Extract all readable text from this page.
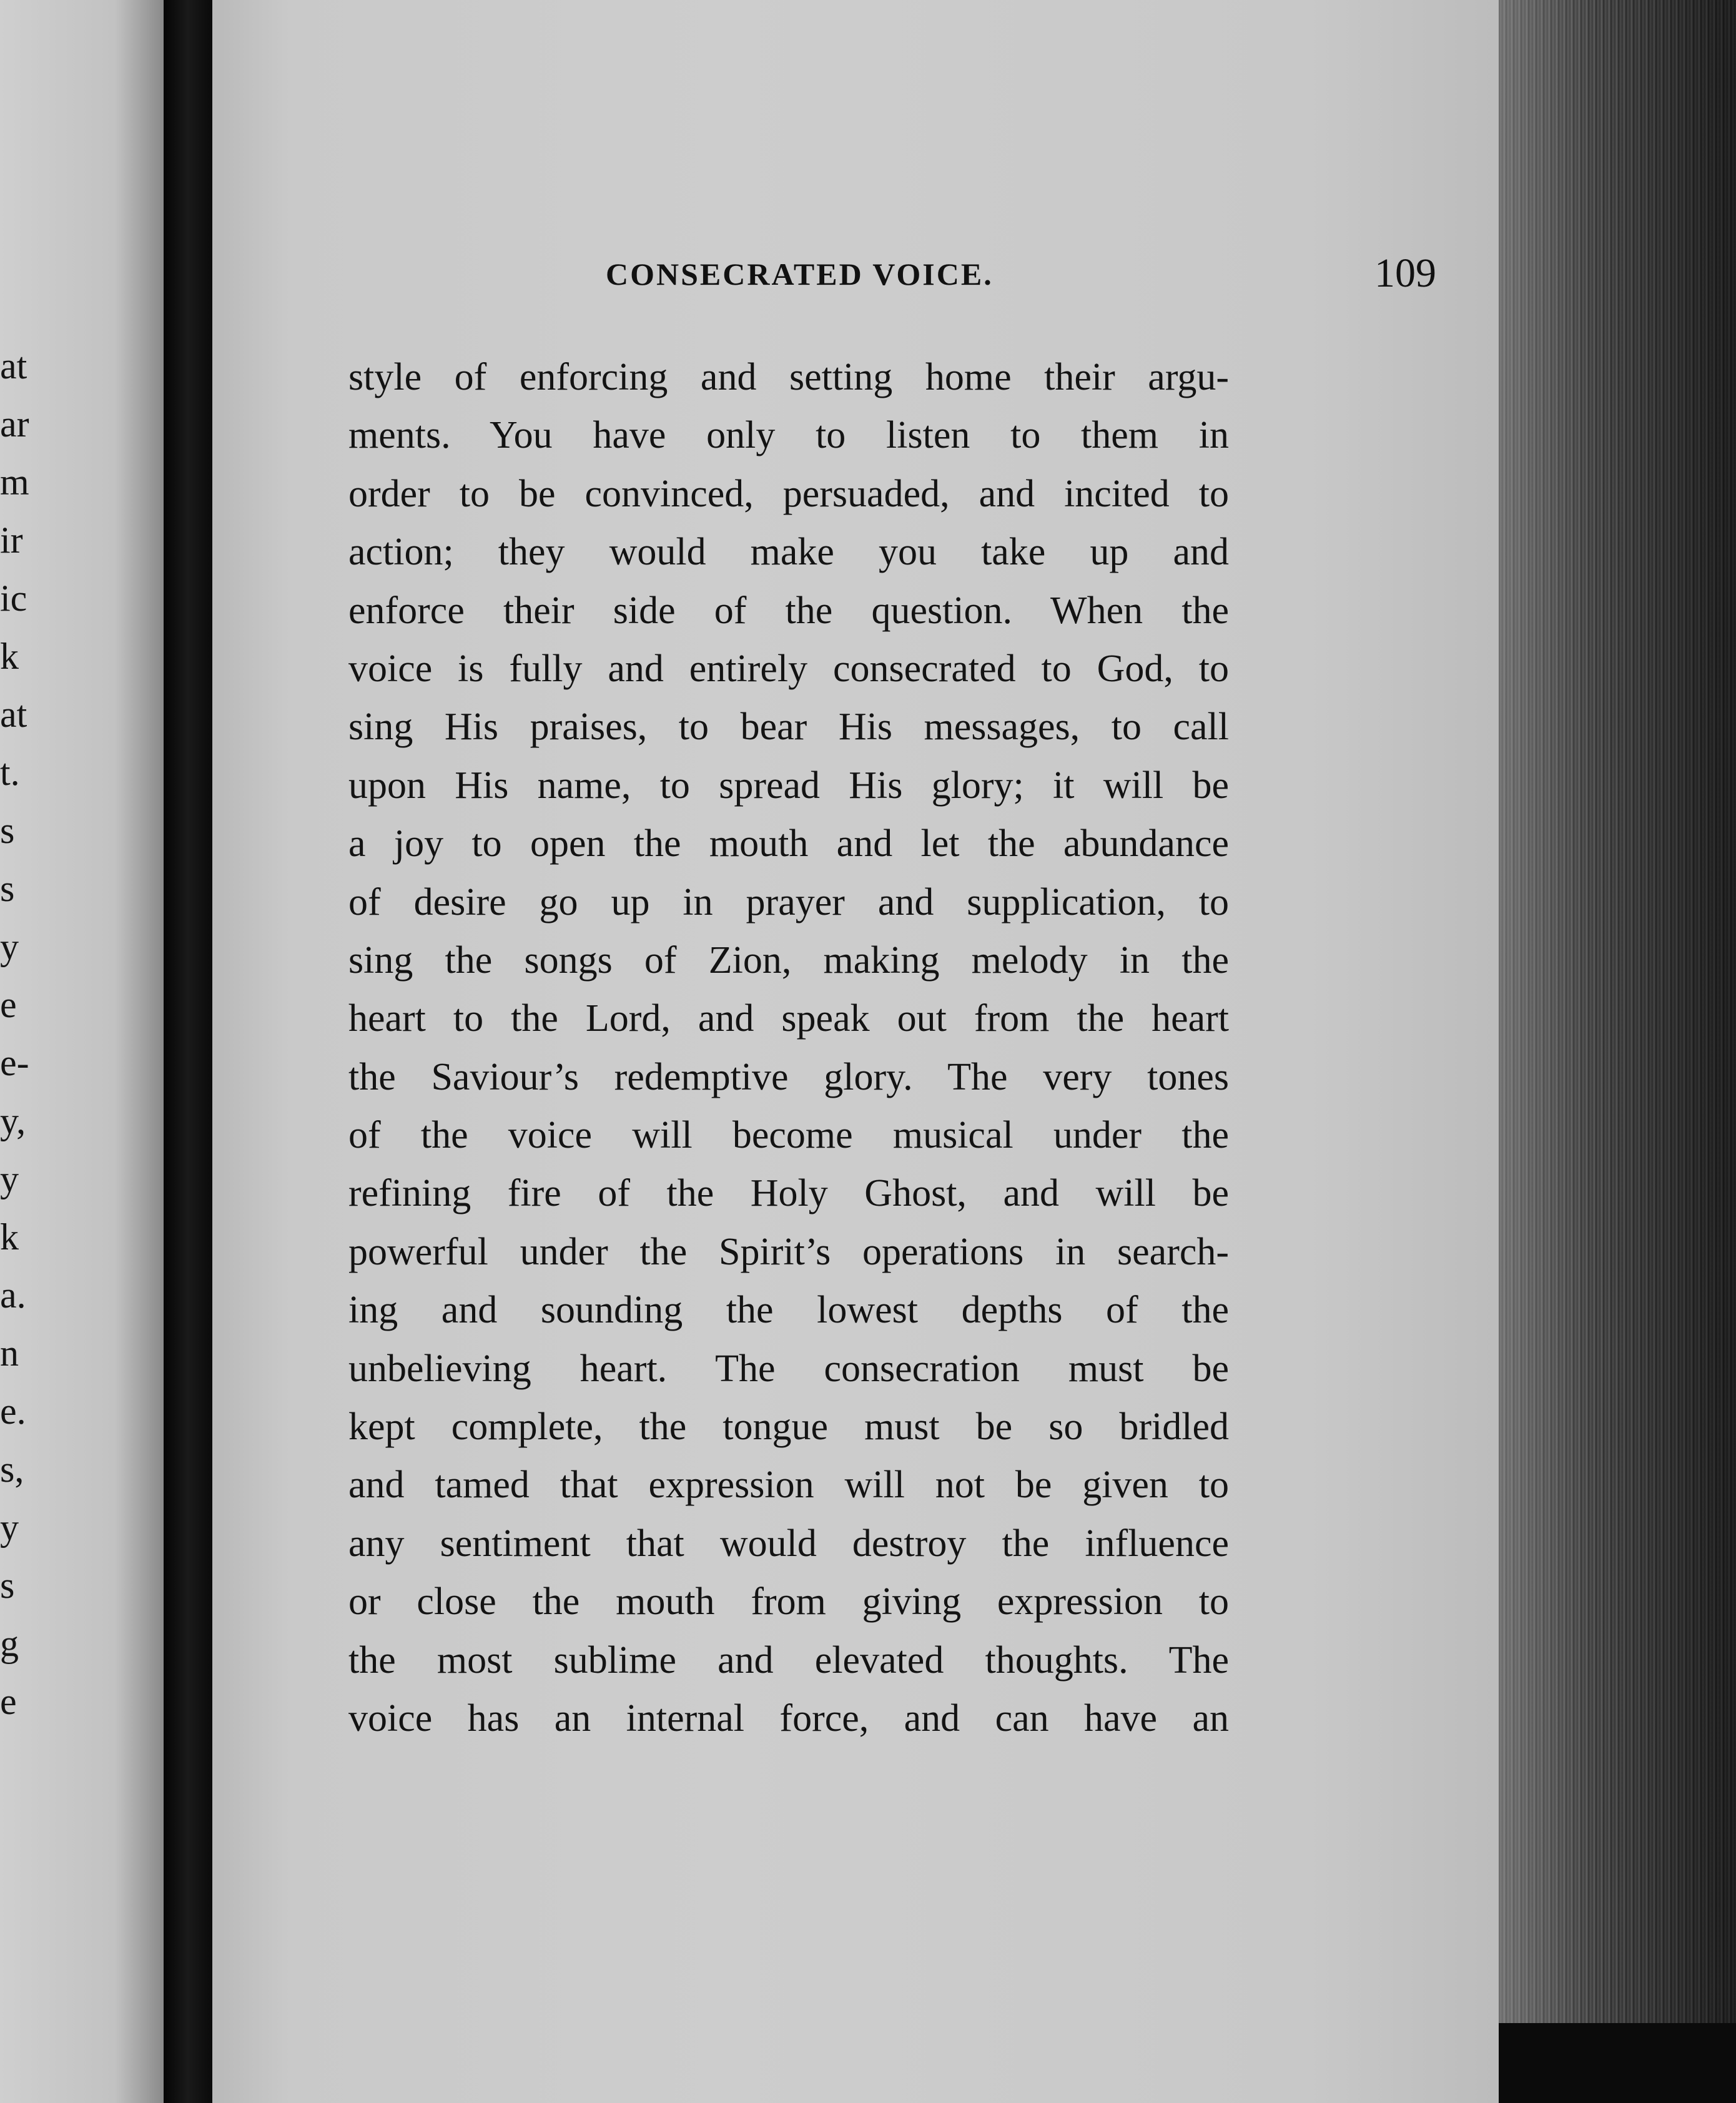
at
ar
m
ir
ic
k
at
t.
s
s
y
e
e-
y,
y
k
a.
n
e.
s,
y
s
g
e
CONSECRATED VOICE.	109
style of enforcing and setting home their argu-
ments. You have only to listen to them in
order to be convinced, persuaded, and incited to
action; they would make you take up and
enforce their side of the question. When the
voice is fully and entirely consecrated to God, to
sing His praises, to bear His messages, to call
upon His name, to spread His glory; it will be
a joy to open the mouth and let the abundance
of desire go up in prayer and supplication, to
sing the songs of Zion, making melody in the
heart to the Lord, and speak out from the heart
the Saviour’s redemptive glory. The very tones
of the voice will become musical under the
refining fire of the Holy Ghost, and will be
powerful under the Spirit’s operations in search-
ing and sounding the lowest depths of the
unbelieving heart. The consecration must be
kept complete, the tongue must be so bridled
and tamed that expression will not be given to
any sentiment that would destroy the influence
or close the mouth from giving expression to
the most sublime and elevated thoughts. The
voice has an internal force, and can have an
